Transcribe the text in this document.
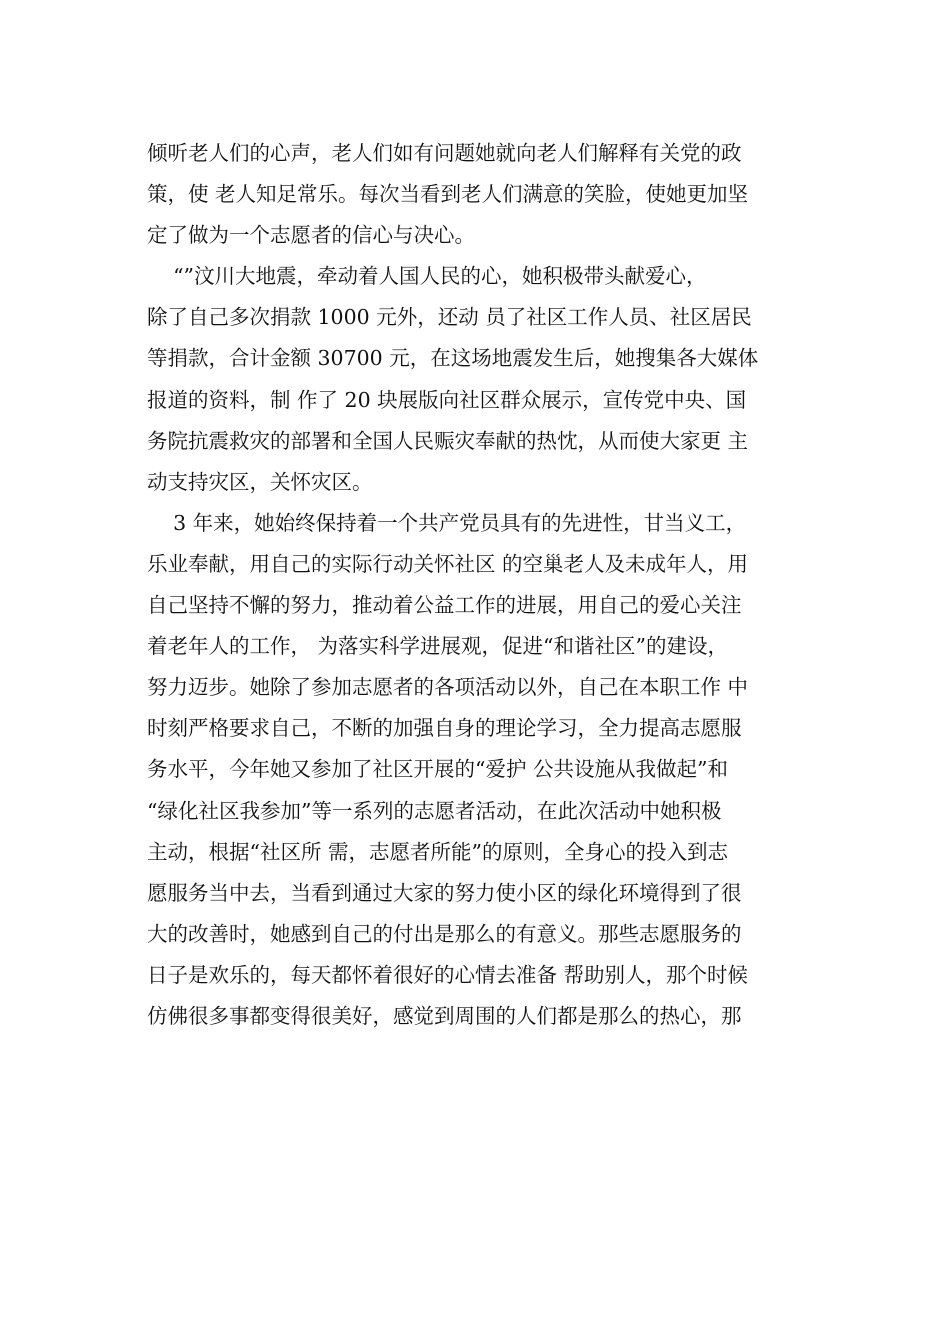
倾听老人们的心声，老人们如有问题她就向老人们解释有关党的政
策，使 老人知足常乐。每次当看到老人们满意的笑脸，使她更加坚
定了做为一个志愿者的信心与决心。
“”汶川大地震，牵动着人国人民的心，她积极带头献爱心，
除了自己多次捐款 1000 元外，还动 员了社区工作人员、社区居民
等捐款，合计金额 30700 元，在这场地震发生后，她搜集各大媒体
报道的资料，制 作了 20 块展版向社区群众展示，宣传党中央、国
务院抗震救灾的部署和全国人民赈灾奉献的热忱，从而使大家更 主
动支持灾区，关怀灾区。
3 年来，她始终保持着一个共产党员具有的先进性，甘当义工，
乐业奉献，用自己的实际行动关怀社区 的空巢老人及未成年人，用
自己坚持不懈的努力，推动着公益工作的进展，用自己的爱心关注
着老年人的工作， 为落实科学进展观，促进“和谐社区”的建设，
努力迈步。她除了参加志愿者的各项活动以外，自己在本职工作 中
时刻严格要求自己，不断的加强自身的理论学习，全力提高志愿服
务水平，今年她又参加了社区开展的“爱护 公共设施从我做起”和
“绿化社区我参加”等一系列的志愿者活动，在此次活动中她积极
主动，根据“社区所 需，志愿者所能”的原则，全身心的投入到志
愿服务当中去，当看到通过大家的努力使小区的绿化环境得到了很
大的改善时，她感到自己的付出是那么的有意义。那些志愿服务的
日子是欢乐的，每天都怀着很好的心情去准备 帮助别人，那个时候
仿佛很多事都变得很美好，感觉到周围的人们都是那么的热心，那
